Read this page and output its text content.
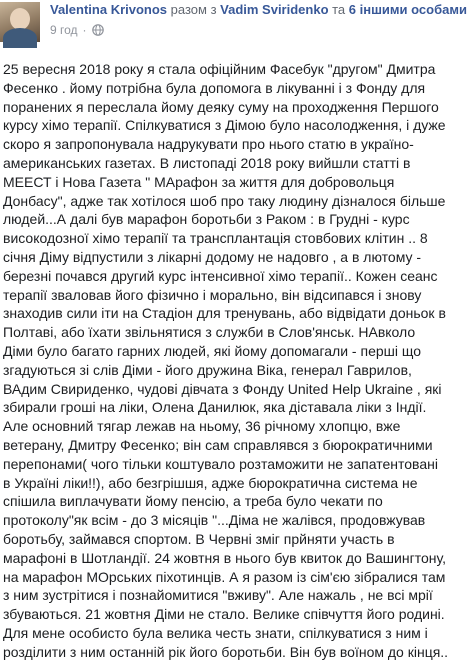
Valentina Krivonos разом з Vadim Sviridenko та 6 іншими особами
9 год ·
25 вересня 2018 року я стала офіційним Фасебук "другом" Дмитра Фесенко . йому потрібна була допомога в лікуванні і з Фонду для поранених я переслала йому деяку суму на проходження Першого курсу хімо терапії. Спілкуватися з Дімою було насолодження, і дуже скоро я запропонувала надрукувати про нього статю в україно-американських газетах. В листопаді 2018 року вийшли статті в МЕЕСТ і Нова Газета " МАрафон за життя для добровольця Донбасу", адже так хотілося шоб про таку людину дізналося більше людей...А далі був марафон боротьби з Раком : в Грудні - курс високодозної хімо терапії та трансплантація стовбових клітин .. 8 січня Діму відпустили з лікарні додому не надовго , а в лютому - березні почався другий курс інтенсивної хімо терапії.. Кожен сеанс терапії зваловав його фізично і морально, він відсипався і знову знаходив сили іти на Стадіон для тренувань, або відвідати доньок в Полтаві, або їхати звільнятися з служби в Слов'янськ. НАвколо Діми було багато гарних людей, які йому допомагали - перші що згадуються зі слів Діми - його дружина Віка, генерал Гаврилов, ВАдим Свириденко, чудові дівчата з Фонду United Help Ukraine , які збирали гроші на ліки, Олена Данилюк, яка діставала ліки з Індії. Але основний тягар лежав на ньому, 36 річному хлопцю, вже ветерану, Дмитру Фесенко; він сам справлявся з бюрократичними перепонами( чого тільки коштувало розтаможити не запатентовані в Україні ліки!!), або безгрішшя, адже бюрократична система не спішила виплачувати йому пенсію, а треба було чекати по протоколу"як всім - до 3 місяців "...Діма не жалівся, продовжував боротьбу, займався спортом. В Червні зміг прйняти участь в марафоні в Шотландії. 24 жовтня в нього був квиток до Вашингтону, на марафон МОрських піхотинців. А я разом із сім'єю зібралися там з ним зустрітися і познайомитися "вживу". Але нажаль , не всі мрії збуваються. 21 жовтня Діми не стало. Велике співчуття його родині. Для мене особисто була велика честь знати, спілкуватися з ним і розділити з ним останній рік його боротьби. Він був воїном до кінця..
